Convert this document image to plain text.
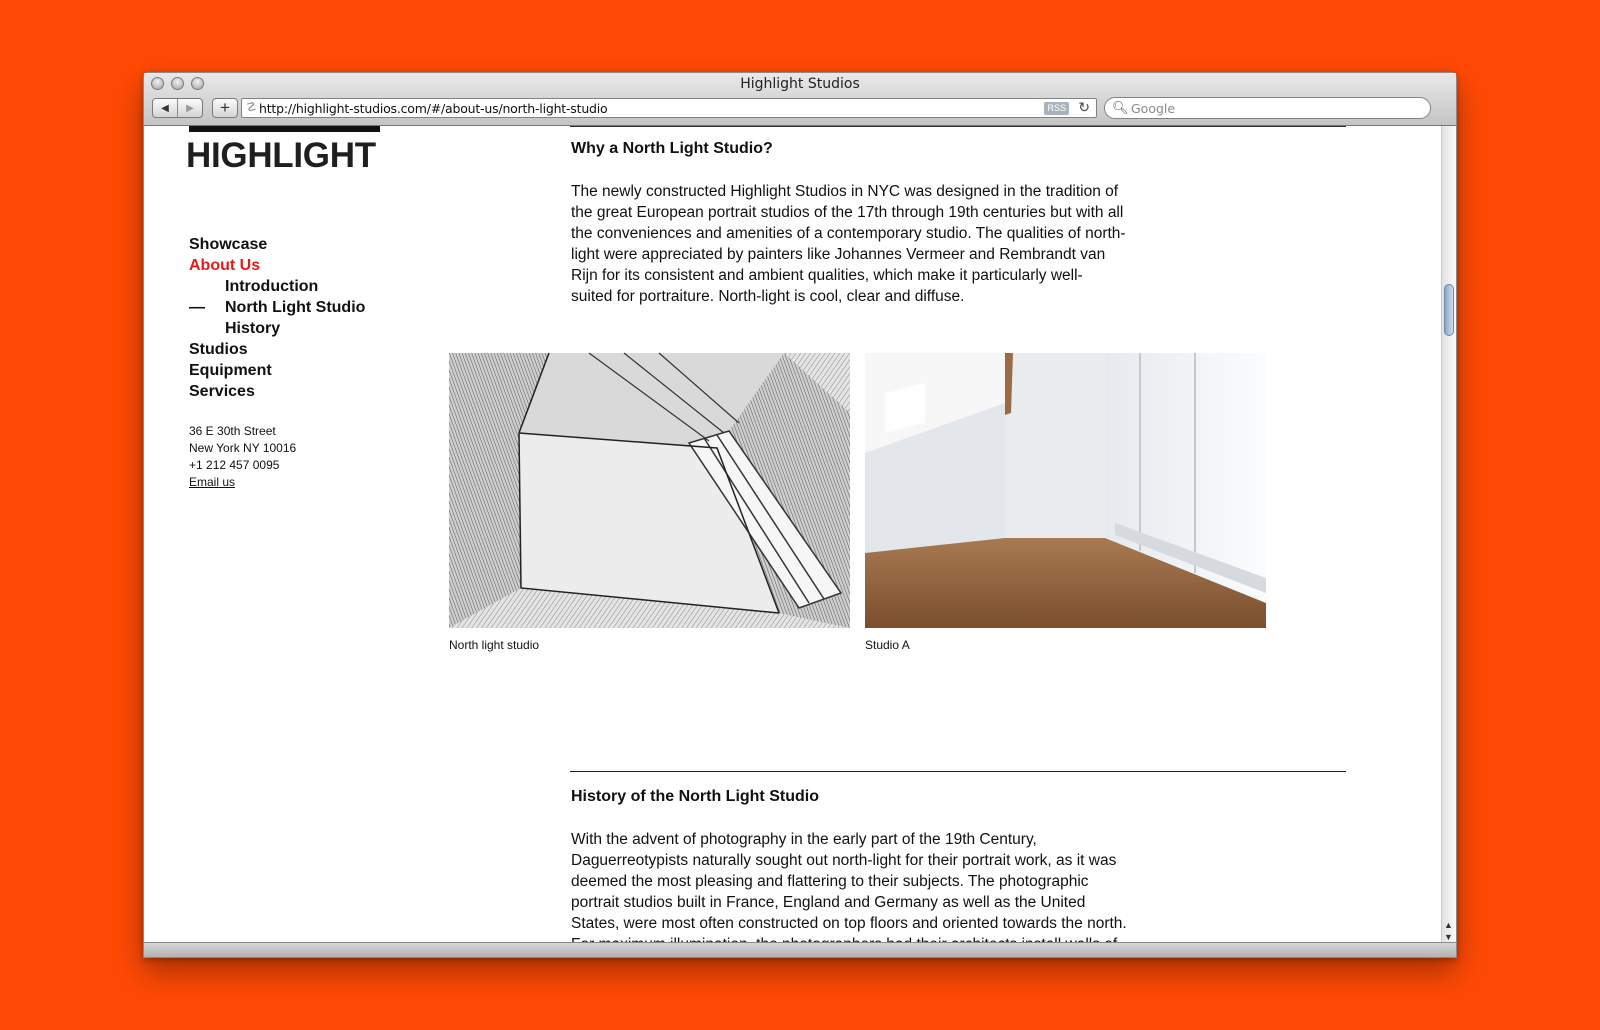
Highlight Studios
◀ ▶ + ☡ http://highlight-studios.com/#/about-us/north-light-studio	RSS ↻ 🔍︎ Google
HIGHLIGHT
Showcase
About Us
Introduction
— North Light Studio
History
Studios
Equipment
Services
36 E 30th Street
New York NY 10016
+1 212 457 0095
Email us
Why a North Light Studio?
The newly constructed Highlight Studios in NYC was designed in the tradition of
the great European portrait studios of the 17th through 19th centuries but with all
the conveniences and amenities of a contemporary studio. The qualities of north-
light were appreciated by painters like Johannes Vermeer and Rembrandt van
Rijn for its consistent and ambient qualities, which make it particularly well-
suited for portraiture. North-light is cool, clear and diffuse.
North light studio	Studio A
History of the North Light Studio
With the advent of photography in the early part of the 19th Century,
Daguerreotypists naturally sought out north-light for their portrait work, as it was
deemed the most pleasing and flattering to their subjects. The photographic
portrait studios built in France, England and Germany as well as the United
States, were most often constructed on top floors and oriented towards the north.	▲
▼
